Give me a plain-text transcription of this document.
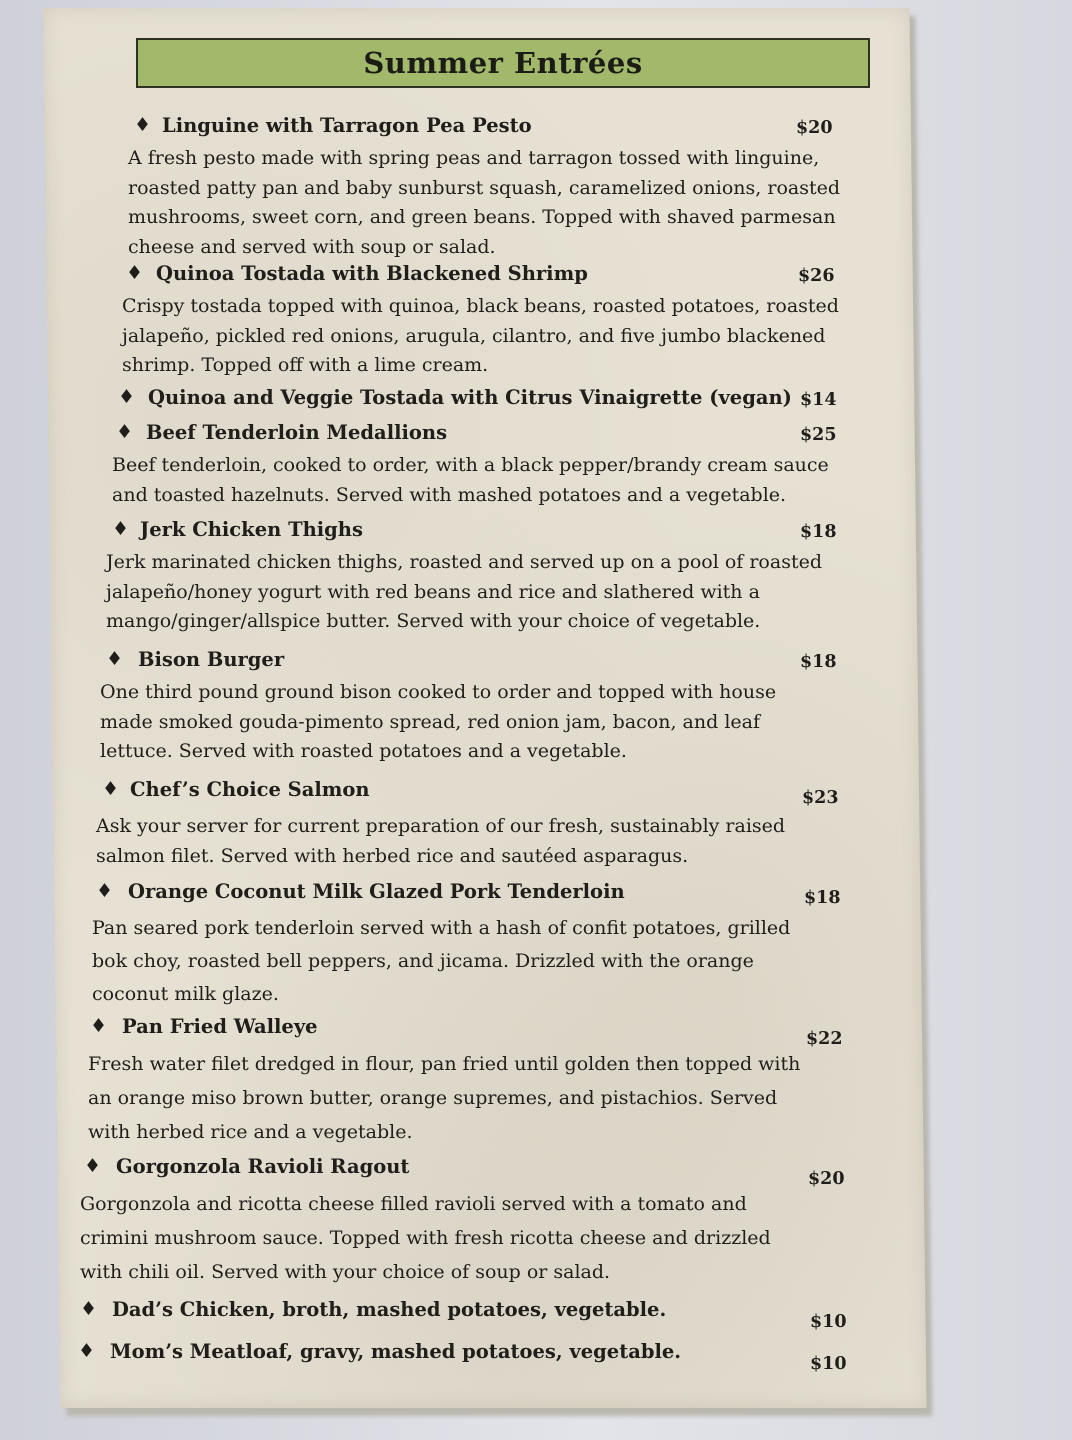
Summer Entrées
♦ Linguine with Tarragon Pea Pesto	$20
A fresh pesto made with spring peas and tarragon tossed with linguine,
roasted patty pan and baby sunburst squash, caramelized onions, roasted
mushrooms, sweet corn, and green beans. Topped with shaved parmesan
cheese and served with soup or salad.
♦ Quinoa Tostada with Blackened Shrimp	$26
Crispy tostada topped with quinoa, black beans, roasted potatoes, roasted
jalapeño, pickled red onions, arugula, cilantro, and five jumbo blackened
shrimp. Topped off with a lime cream.
♦ Quinoa and Veggie Tostada with Citrus Vinaigrette (vegan) $14
♦ Beef Tenderloin Medallions	$25
Beef tenderloin, cooked to order, with a black pepper/brandy cream sauce
and toasted hazelnuts. Served with mashed potatoes and a vegetable.
♦ Jerk Chicken Thighs	$18
Jerk marinated chicken thighs, roasted and served up on a pool of roasted
jalapeño/honey yogurt with red beans and rice and slathered with a
mango/ginger/allspice butter. Served with your choice of vegetable.
♦ Bison Burger	$18
One third pound ground bison cooked to order and topped with house
made smoked gouda-pimento spread, red onion jam, bacon, and leaf
lettuce. Served with roasted potatoes and a vegetable.
♦ Chef’s Choice Salmon	$23
Ask your server for current preparation of our fresh, sustainably raised
salmon filet. Served with herbed rice and sautéed asparagus.
♦ Orange Coconut Milk Glazed Pork Tenderloin	$18
Pan seared pork tenderloin served with a hash of confit potatoes, grilled
bok choy, roasted bell peppers, and jicama. Drizzled with the orange
coconut milk glaze.
♦ Pan Fried Walleye
$22
Fresh water filet dredged in flour, pan fried until golden then topped with
an orange miso brown butter, orange supremes, and pistachios. Served
with herbed rice and a vegetable.
♦ Gorgonzola Ravioli Ragout
$20
Gorgonzola and ricotta cheese filled ravioli served with a tomato and
crimini mushroom sauce. Topped with fresh ricotta cheese and drizzled
with chili oil. Served with your choice of soup or salad.
♦ Dad’s Chicken, broth, mashed potatoes, vegetable.
$10
♦ Mom’s Meatloaf, gravy, mashed potatoes, vegetable.
$10
